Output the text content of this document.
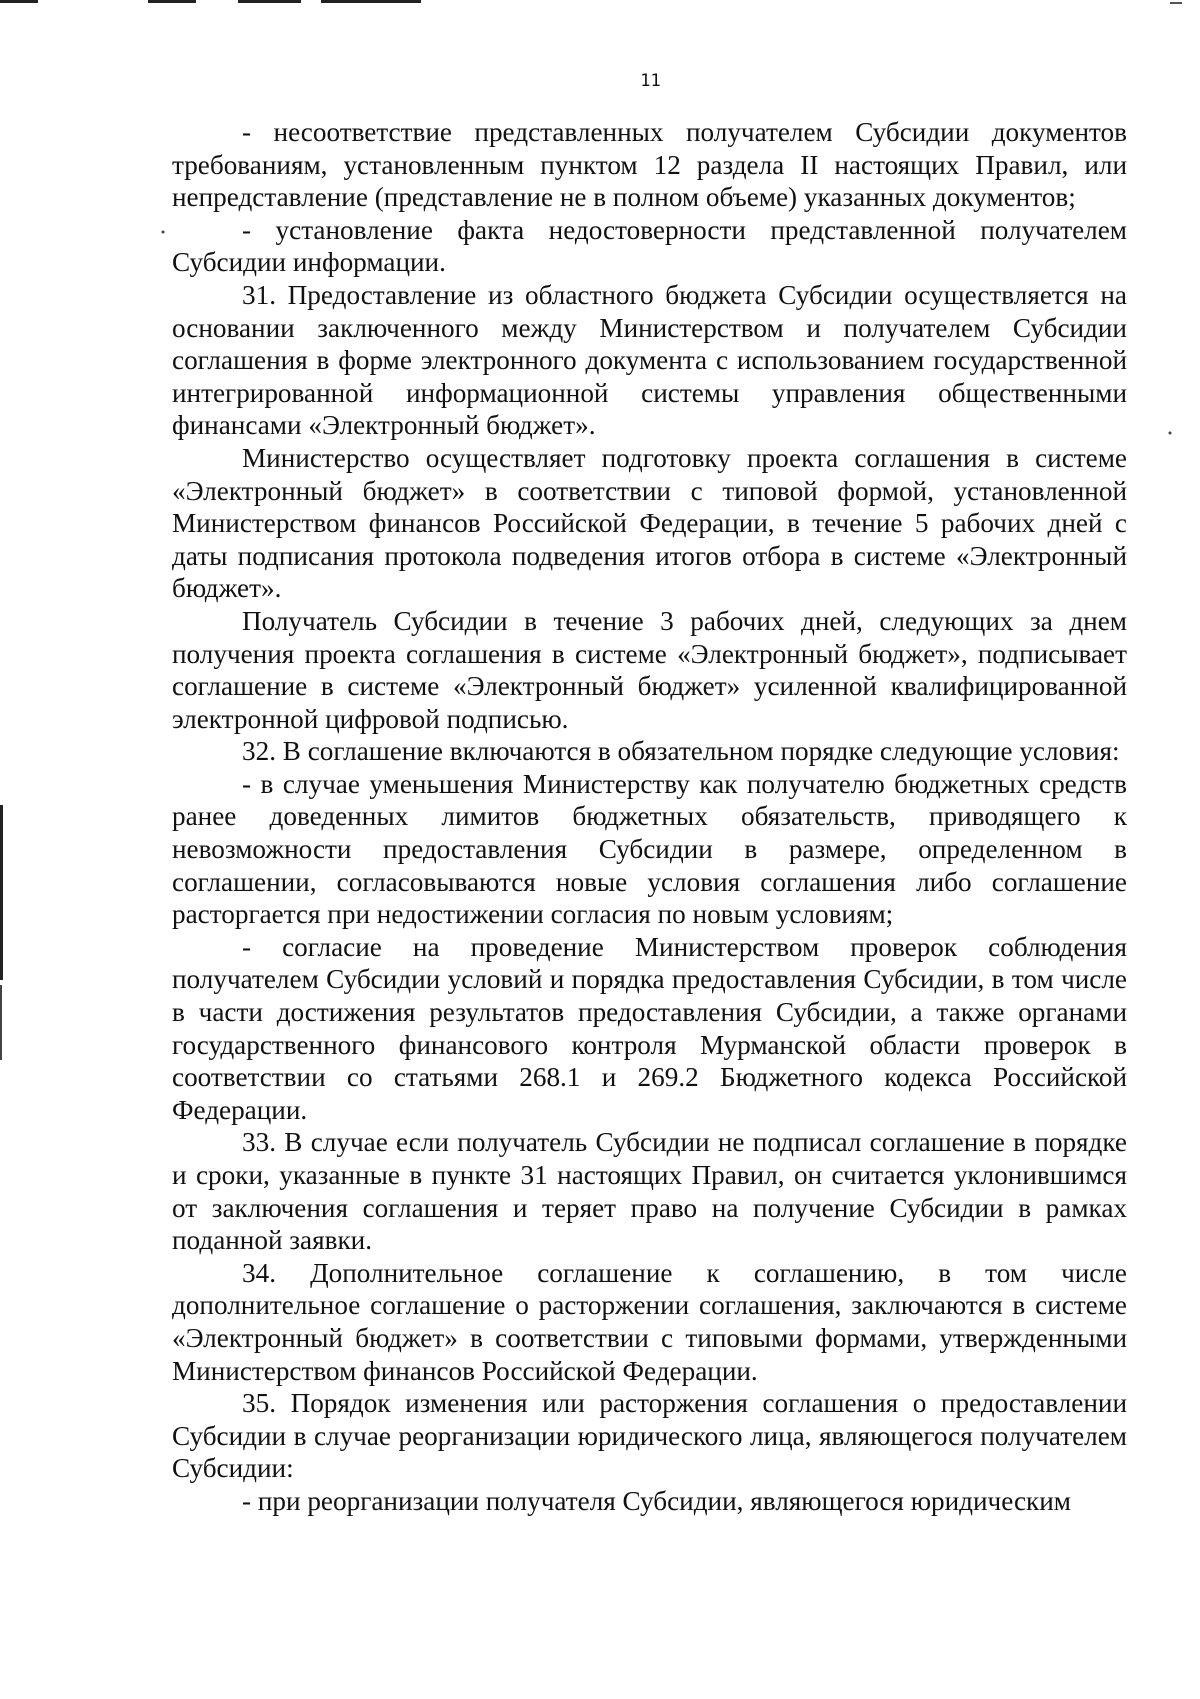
11

- несоответствие представленных получателем Субсидии документов требованиям, установленным пунктом 12 раздела II настоящих Правил, или непредставление (представление не в полном объеме) указанных документов;

- установление факта недостоверности представленной получателем Субсидии информации.

31. Предоставление из областного бюджета Субсидии осуществляется на основании заключенного между Министерством и получателем Субсидии соглашения в форме электронного документа с использованием государственной интегрированной информационной системы управления общественными финансами «Электронный бюджет».

Министерство осуществляет подготовку проекта соглашения в системе «Электронный бюджет» в соответствии с типовой формой, установленной Министерством финансов Российской Федерации, в течение 5 рабочих дней с даты подписания протокола подведения итогов отбора в системе «Электронный бюджет».

Получатель Субсидии в течение 3 рабочих дней, следующих за днем получения проекта соглашения в системе «Электронный бюджет», подписывает соглашение в системе «Электронный бюджет» усиленной квалифицированной электронной цифровой подписью.

32. В соглашение включаются в обязательном порядке следующие условия:

- в случае уменьшения Министерству как получателю бюджетных средств ранее доведенных лимитов бюджетных обязательств, приводящего к невозможности предоставления Субсидии в размере, определенном в соглашении, согласовываются новые условия соглашения либо соглашение расторгается при недостижении согласия по новым условиям;

- согласие на проведение Министерством проверок соблюдения получателем Субсидии условий и порядка предоставления Субсидии, в том числе в части достижения результатов предоставления Субсидии, а также органами государственного финансового контроля Мурманской области проверок в соответствии со статьями 268.1 и 269.2 Бюджетного кодекса Российской Федерации.

33. В случае если получатель Субсидии не подписал соглашение в порядке и сроки, указанные в пункте 31 настоящих Правил, он считается уклонившимся от заключения соглашения и теряет право на получение Субсидии в рамках поданной заявки.

34. Дополнительное соглашение к соглашению, в том числе дополнительное соглашение о расторжении соглашения, заключаются в системе «Электронный бюджет» в соответствии с типовыми формами, утвержденными Министерством финансов Российской Федерации.

35. Порядок изменения или расторжения соглашения о предоставлении Субсидии в случае реорганизации юридического лица, являющегося получателем Субсидии:

- при реорганизации получателя Субсидии, являющегося юридическим
